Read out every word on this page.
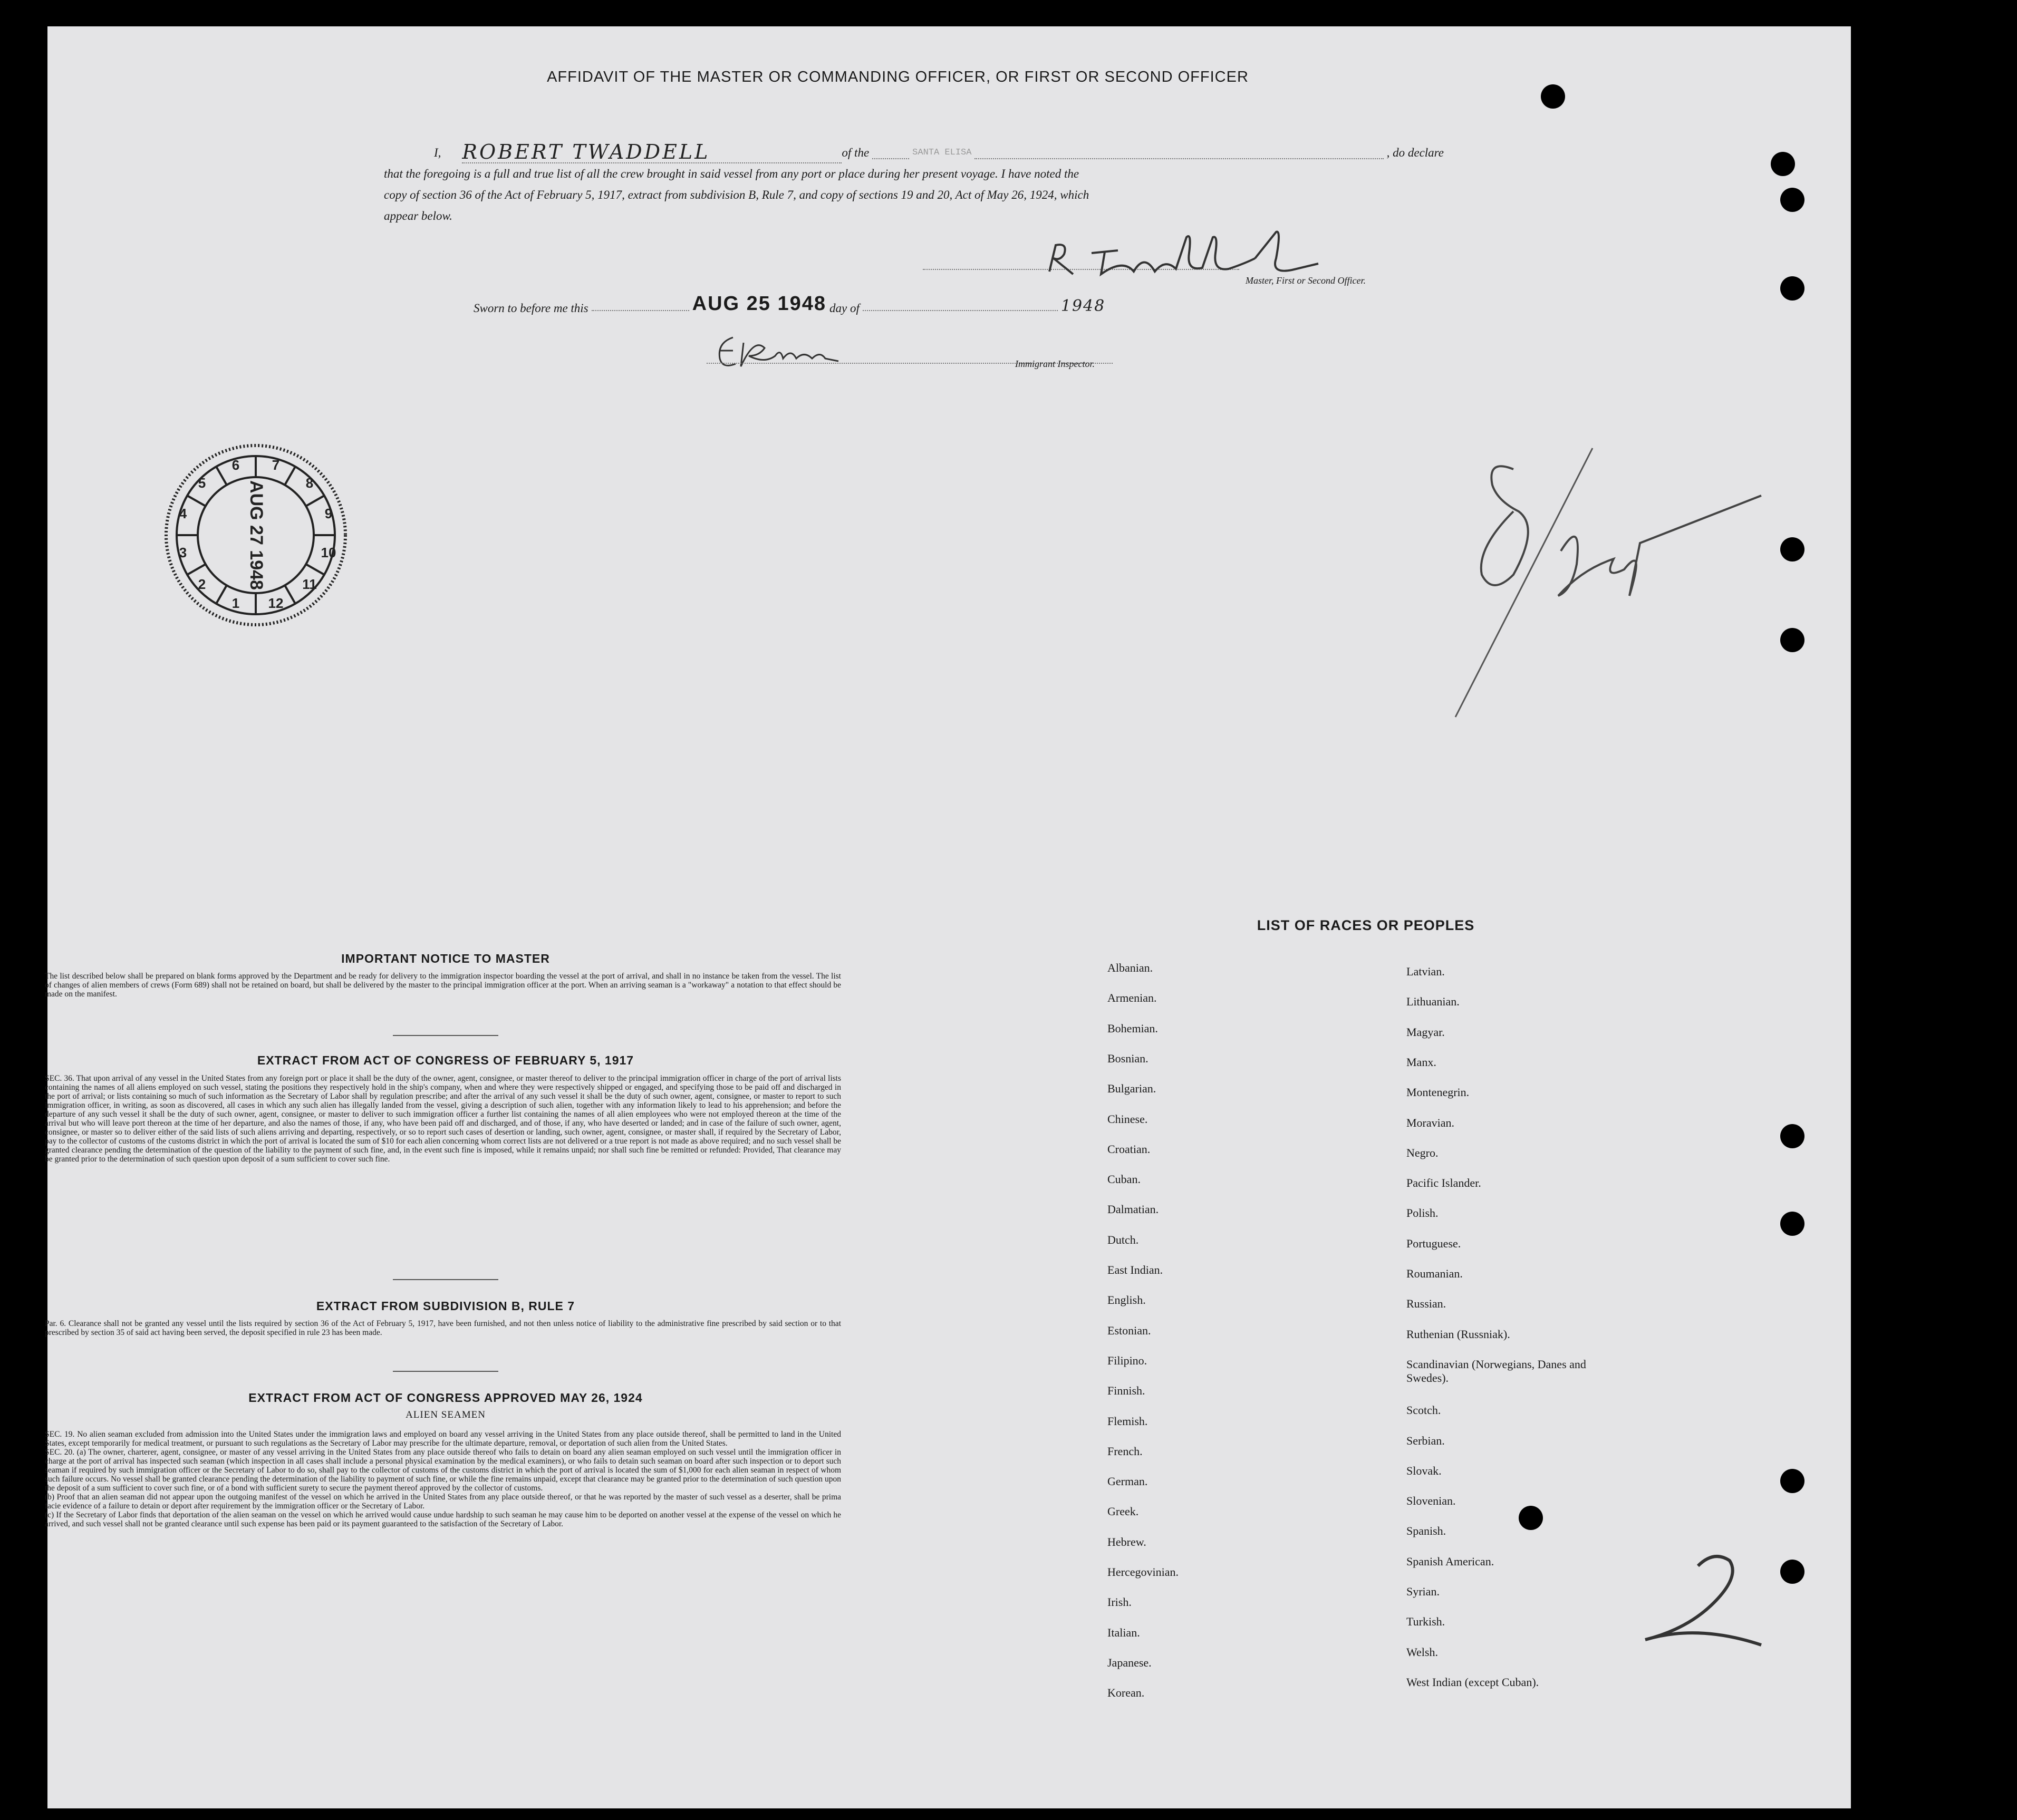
AFFIDAVIT OF THE MASTER OR COMMANDING OFFICER, OR FIRST OR SECOND OFFICER
I, ROBERT TWADDELL	of the	SANTA ELISA	, do declare
that the foregoing is a full and true list of all the crew brought in said vessel from any port or place during her present voyage. I have noted the
copy of section 36 of the Act of February 5, 1917, extract from subdivision B, Rule 7, and copy of sections 19 and 20, Act of May 26, 1924, which
appear below.
Master, First or Second Officer.
Sworn to before me this	AUG 25 1948 day of	1948
Immigrant Inspector.
6 7
8
9
10
11
12
1
2
3
4
5 AUG 27 1948
IMPORTANT NOTICE TO MASTER
The list described below shall be prepared on blank forms approved by the Department and be ready for delivery to the immigration inspector boarding the vessel at the port of arrival, and shall in no instance be taken from the vessel. The list of changes of alien members of crews (Form 689) shall not be retained on board, but shall be delivered by the master to the principal immigration officer at the port. When an arriving seaman is a "workaway" a notation to that effect should be made on the manifest.
EXTRACT FROM ACT OF CONGRESS OF FEBRUARY 5, 1917
SEC. 36. That upon arrival of any vessel in the United States from any foreign port or place it shall be the duty of the owner, agent, consignee, or master thereof to deliver to the principal immigration officer in charge of the port of arrival lists containing the names of all aliens employed on such vessel, stating the positions they respectively hold in the ship's company, when and where they were respectively shipped or engaged, and specifying those to be paid off and discharged in the port of arrival; or lists containing so much of such information as the Secretary of Labor shall by regulation prescribe; and after the arrival of any such vessel it shall be the duty of such owner, agent, consignee, or master to report to such immigration officer, in writing, as soon as discovered, all cases in which any such alien has illegally landed from the vessel, giving a description of such alien, together with any information likely to lead to his apprehension; and before the departure of any such vessel it shall be the duty of such owner, agent, consignee, or master to deliver to such immigration officer a further list containing the names of all alien employees who were not employed thereon at the time of the arrival but who will leave port thereon at the time of her departure, and also the names of those, if any, who have been paid off and discharged, and of those, if any, who have deserted or landed; and in case of the failure of such owner, agent, consignee, or master so to deliver either of the said lists of such aliens arriving and departing, respectively, or so to report such cases of desertion or landing, such owner, agent, consignee, or master shall, if required by the Secretary of Labor, pay to the collector of customs of the customs district in which the port of arrival is located the sum of $10 for each alien concerning whom correct lists are not delivered or a true report is not made as above required; and no such vessel shall be granted clearance pending the determination of the question of the liability to the payment of such fine, and, in the event such fine is imposed, while it remains unpaid; nor shall such fine be remitted or refunded: Provided, That clearance may be granted prior to the determination of such question upon deposit of a sum sufficient to cover such fine.
EXTRACT FROM SUBDIVISION B, RULE 7
Par. 6. Clearance shall not be granted any vessel until the lists required by section 36 of the Act of February 5, 1917, have been furnished, and not then unless notice of liability to the administrative fine prescribed by said section or to that prescribed by section 35 of said act having been served, the deposit specified in rule 23 has been made.
EXTRACT FROM ACT OF CONGRESS APPROVED MAY 26, 1924
ALIEN SEAMEN
SEC. 19. No alien seaman excluded from admission into the United States under the immigration laws and employed on board any vessel arriving in the United States from any place outside thereof, shall be permitted to land in the United States, except temporarily for medical treatment, or pursuant to such regulations as the Secretary of Labor may prescribe for the ultimate departure, removal, or deportation of such alien from the United States.
SEC. 20. (a) The owner, charterer, agent, consignee, or master of any vessel arriving in the United States from any place outside thereof who fails to detain on board any alien seaman employed on such vessel until the immigration officer in charge at the port of arrival has inspected such seaman (which inspection in all cases shall include a personal physical examination by the medical examiners), or who fails to detain such seaman on board after such inspection or to deport such seaman if required by such immigration officer or the Secretary of Labor to do so, shall pay to the collector of customs of the customs district in which the port of arrival is located the sum of $1,000 for each alien seaman in respect of whom such failure occurs. No vessel shall be granted clearance pending the determination of the liability to payment of such fine, or while the fine remains unpaid, except that clearance may be granted prior to the determination of such question upon the deposit of a sum sufficient to cover such fine, or of a bond with sufficient surety to secure the payment thereof approved by the collector of customs.
(b) Proof that an alien seaman did not appear upon the outgoing manifest of the vessel on which he arrived in the United States from any place outside thereof, or that he was reported by the master of such vessel as a deserter, shall be prima facie evidence of a failure to detain or deport after requirement by the immigration officer or the Secretary of Labor.
(c) If the Secretary of Labor finds that deportation of the alien seaman on the vessel on which he arrived would cause undue hardship to such seaman he may cause him to be deported on another vessel at the expense of the vessel on which he arrived, and such vessel shall not be granted clearance until such expense has been paid or its payment guaranteed to the satisfaction of the Secretary of Labor.
LIST OF RACES OR PEOPLES
Albanian.
Armenian.
Bohemian.
Bosnian.
Bulgarian.
Chinese.
Croatian.
Cuban.
Dalmatian.
Dutch.
East Indian.
English.
Estonian.
Filipino.
Finnish.
Flemish.
French.
German.
Greek.
Hebrew.
Hercegovinian.
Irish.
Italian.
Japanese.
Korean.
Latvian.
Lithuanian.
Magyar.
Manx.
Montenegrin.
Moravian.
Negro.
Pacific Islander.
Polish.
Portuguese.
Roumanian.
Russian.
Ruthenian (Russniak).
Scandinavian (Norwegians, Danes and Swedes).
Scotch.
Serbian.
Slovak.
Slovenian.
Spanish.
Spanish American.
Syrian.
Turkish.
Welsh.
West Indian (except Cuban).
